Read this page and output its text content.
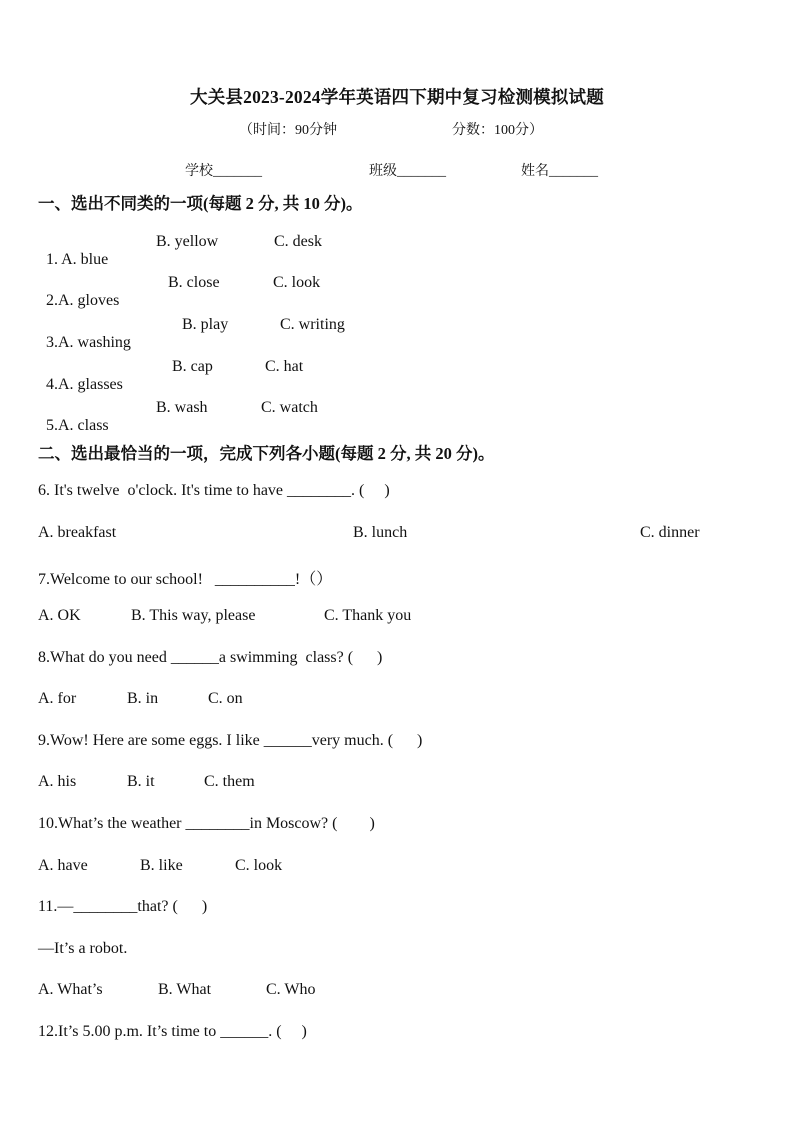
大关县2023-2024学年英语四下期中复习检测模拟试题
（时间：90分钟	分数：100分）
学校_______	班级_______	姓名_______
一、选出不同类的一项(每题 2 分, 共 10 分)。

1. A. blue

B. yellow	C. desk

2.A. gloves

B. close	C. look

3.A. washing

B. play	C. writing

4.A. glasses

B. cap	C. hat

5.A. class

B. wash	C. watch
二、选出最恰当的一项，完成下列各小题(每题 2 分, 共 20 分)。
6. It's twelve  o'clock. It's time to have ________. (     )
A. breakfast	B. lunch	C. dinner
7.Welcome to our school!   __________!（）
A. OK	B. This way, please	C. Thank you
8.What do you need ______a swimming  class? (      )
A. for	B. in	C. on
9.Wow! Here are some eggs. I like ______very much. (      )
A. his	B. it	C. them
10.What’s the weather ________in Moscow? (        )
A. have	B. like	C. look
11.—________that? (      )
—It’s a robot.
A. What’s	B. What	C. Who
12.It’s 5.00 p.m. It’s time to ______. (     )
